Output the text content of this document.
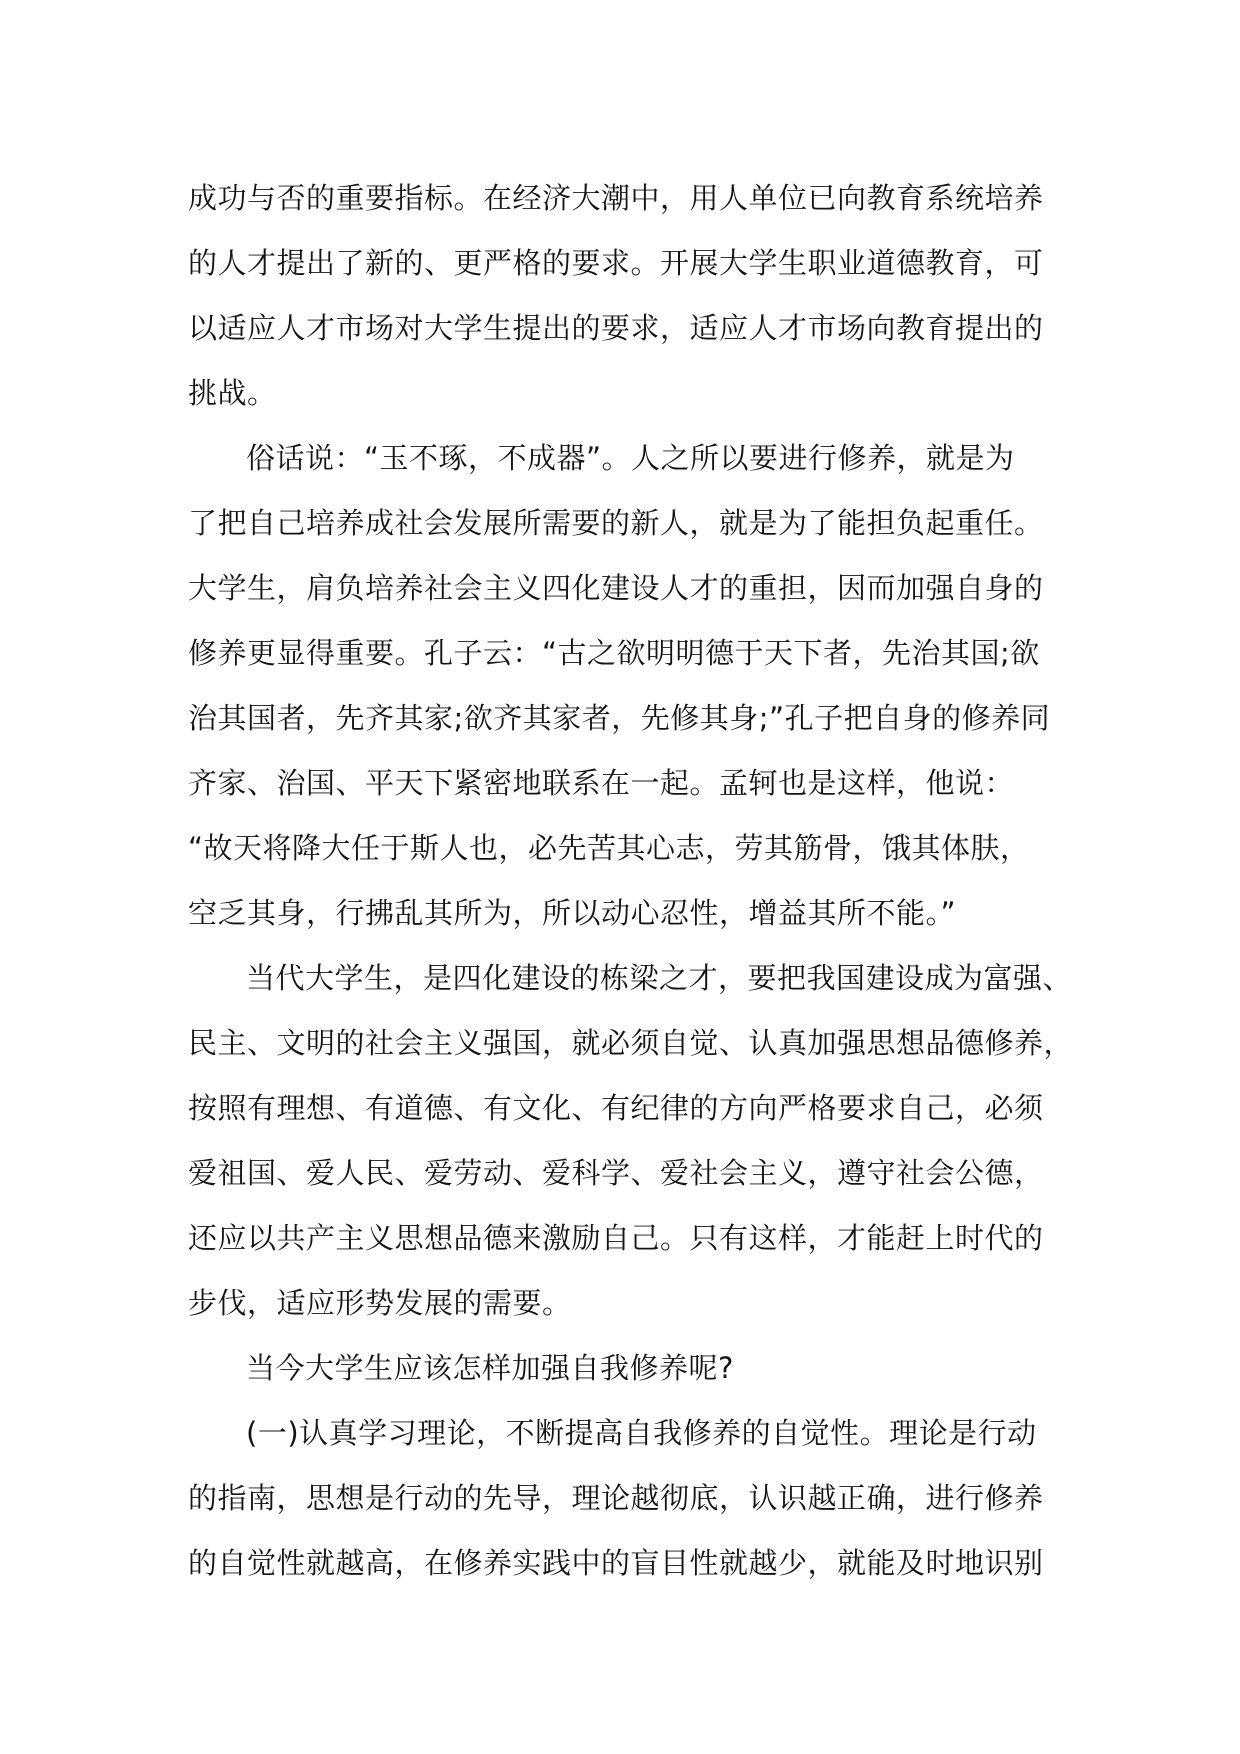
成功与否的重要指标。在经济大潮中，用人单位已向教育系统培养
的人才提出了新的、更严格的要求。开展大学生职业道德教育，可
以适应人才市场对大学生提出的要求，适应人才市场向教育提出的
挑战。
俗话说：“玉不琢，不成器”。人之所以要进行修养，就是为
了把自己培养成社会发展所需要的新人，就是为了能担负起重任。
大学生，肩负培养社会主义四化建设人才的重担，因而加强自身的
修养更显得重要。孔子云：“古之欲明明德于天下者，先治其国;欲
治其国者，先齐其家;欲齐其家者，先修其身;”孔子把自身的修养同
齐家、治国、平天下紧密地联系在一起。孟轲也是这样，他说：
“故天将降大任于斯人也，必先苦其心志，劳其筋骨，饿其体肤，
空乏其身，行拂乱其所为，所以动心忍性，增益其所不能。”
当代大学生，是四化建设的栋梁之才，要把我国建设成为富强、
民主、文明的社会主义强国，就必须自觉、认真加强思想品德修养，
按照有理想、有道德、有文化、有纪律的方向严格要求自己，必须
爱祖国、爱人民、爱劳动、爱科学、爱社会主义，遵守社会公德，
还应以共产主义思想品德来激励自己。只有这样，才能赶上时代的
步伐，适应形势发展的需要。
当今大学生应该怎样加强自我修养呢?
(一)认真学习理论，不断提高自我修养的自觉性。理论是行动
的指南，思想是行动的先导，理论越彻底，认识越正确，进行修养
的自觉性就越高，在修养实践中的盲目性就越少，就能及时地识别
